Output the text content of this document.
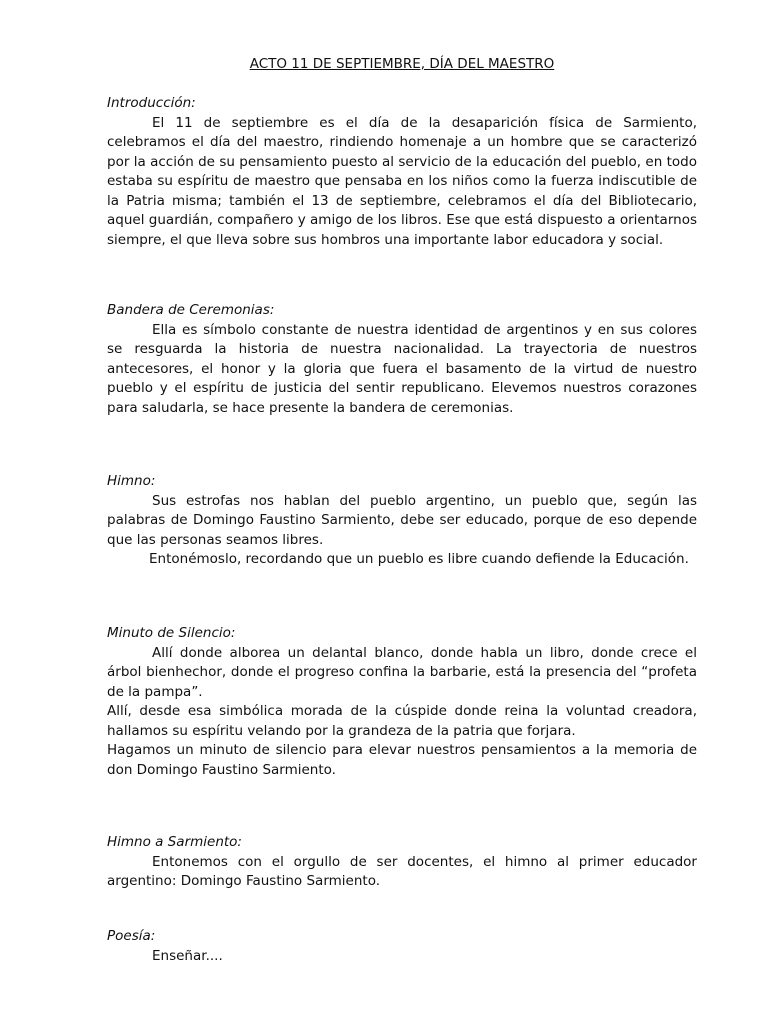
ACTO 11 DE SEPTIEMBRE, DÍA DEL MAESTRO

Introducción:

El 11 de septiembre es el día de la desaparición física de Sarmiento, celebramos el día del maestro, rindiendo homenaje a un hombre que se caracterizó por la acción de su pensamiento puesto al servicio de la educación del pueblo, en todo estaba su espíritu de maestro que pensaba en los niños como la fuerza indiscutible de la Patria misma; también el 13 de septiembre, celebramos el día del Bibliotecario, aquel guardián, compañero y amigo de los libros. Ese que está dispuesto a orientarnos siempre, el que lleva sobre sus hombros una importante labor educadora y social.

Bandera de Ceremonias:

Ella es símbolo constante de nuestra identidad de argentinos y en sus colores se resguarda la historia de nuestra nacionalidad. La trayectoria de nuestros antecesores, el honor y la gloria que fuera el basamento de la virtud de nuestro pueblo y el espíritu de justicia del sentir republicano. Elevemos nuestros corazones para saludarla, se hace presente la bandera de ceremonias.

Himno:

Sus estrofas nos hablan del pueblo argentino, un pueblo que, según las palabras de Domingo Faustino Sarmiento, debe ser educado, porque de eso depende que las personas seamos libres.

Entonémoslo, recordando que un pueblo es libre cuando defiende la Educación.

Minuto de Silencio:

Allí donde alborea un delantal blanco, donde habla un libro, donde crece el árbol bienhechor, donde el progreso confina la barbarie, está la presencia del “profeta de la pampa”.

Allí, desde esa simbólica morada de la cúspide donde reina la voluntad creadora, hallamos su espíritu velando por la grandeza de la patria que forjara.

Hagamos un minuto de silencio para elevar nuestros pensamientos a la memoria de don Domingo Faustino Sarmiento.

Himno a Sarmiento:

Entonemos con el orgullo de ser docentes, el himno al primer educador argentino: Domingo Faustino Sarmiento.

Poesía:

Enseñar....
